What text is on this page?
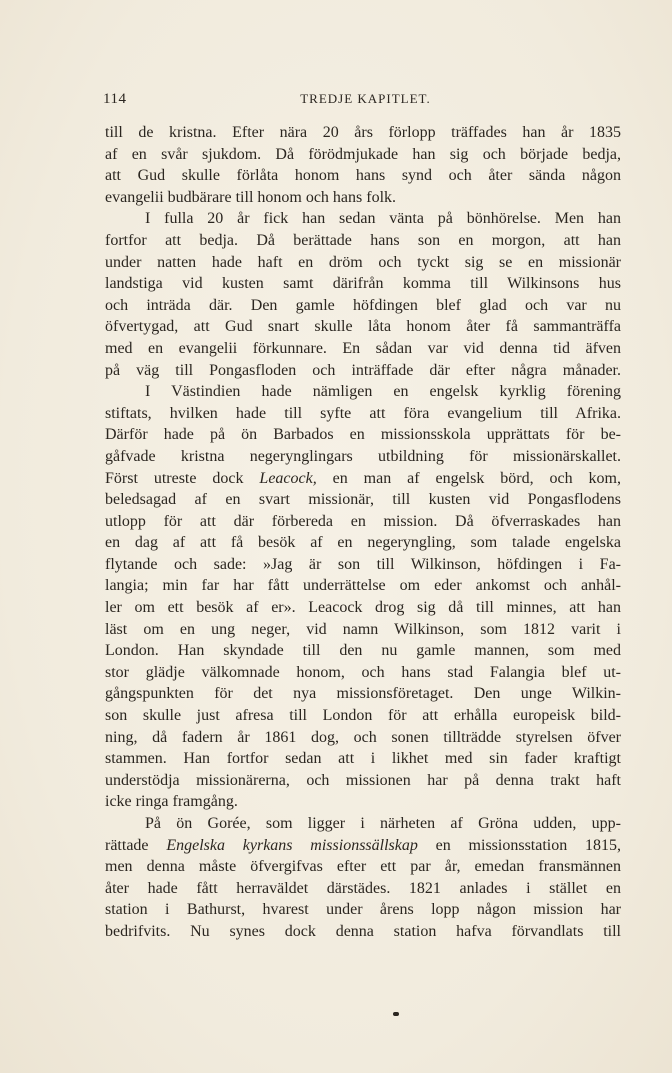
114	TREDJE KAPITLET.
till de kristna. Efter nära 20 års förlopp träffades han år 1835
af en svår sjukdom. Då förödmjukade han sig och började bedja,
att Gud skulle förlåta honom hans synd och åter sända någon
evangelii budbärare till honom och hans folk.
I fulla 20 år fick han sedan vänta på bönhörelse. Men han
fortfor att bedja. Då berättade hans son en morgon, att han
under natten hade haft en dröm och tyckt sig se en missionär
landstiga vid kusten samt därifrån komma till Wilkinsons hus
och inträda där. Den gamle höfdingen blef glad och var nu
öfvertygad, att Gud snart skulle låta honom åter få sammanträffa
med en evangelii förkunnare. En sådan var vid denna tid äfven
på väg till Pongasfloden och inträffade där efter några månader.
I Västindien hade nämligen en engelsk kyrklig förening
stiftats, hvilken hade till syfte att föra evangelium till Afrika.
Därför hade på ön Barbados en missionsskola upprättats för be-
gåfvade kristna negerynglingars utbildning för missionärskallet.
Först utreste dock Leacock, en man af engelsk börd, och kom,
beledsagad af en svart missionär, till kusten vid Pongasflodens
utlopp för att där förbereda en mission. Då öfverraskades han
en dag af att få besök af en negeryngling, som talade engelska
flytande och sade: »Jag är son till Wilkinson, höfdingen i Fa-
langia; min far har fått underrättelse om eder ankomst och anhål-
ler om ett besök af er». Leacock drog sig då till minnes, att han
läst om en ung neger, vid namn Wilkinson, som 1812 varit i
London. Han skyndade till den nu gamle mannen, som med
stor glädje välkomnade honom, och hans stad Falangia blef ut-
gångspunkten för det nya missionsföretaget. Den unge Wilkin-
son skulle just afresa till London för att erhålla europeisk bild-
ning, då fadern år 1861 dog, och sonen tillträdde styrelsen öfver
stammen. Han fortfor sedan att i likhet med sin fader kraftigt
understödja missionärerna, och missionen har på denna trakt haft
icke ringa framgång.
På ön Gorée, som ligger i närheten af Gröna udden, upp-
rättade Engelska kyrkans missionssällskap en missionsstation 1815,
men denna måste öfvergifvas efter ett par år, emedan fransmännen
åter hade fått herraväldet därstädes. 1821 anlades i stället en
station i Bathurst, hvarest under årens lopp någon mission har
bedrifvits. Nu synes dock denna station hafva förvandlats till
